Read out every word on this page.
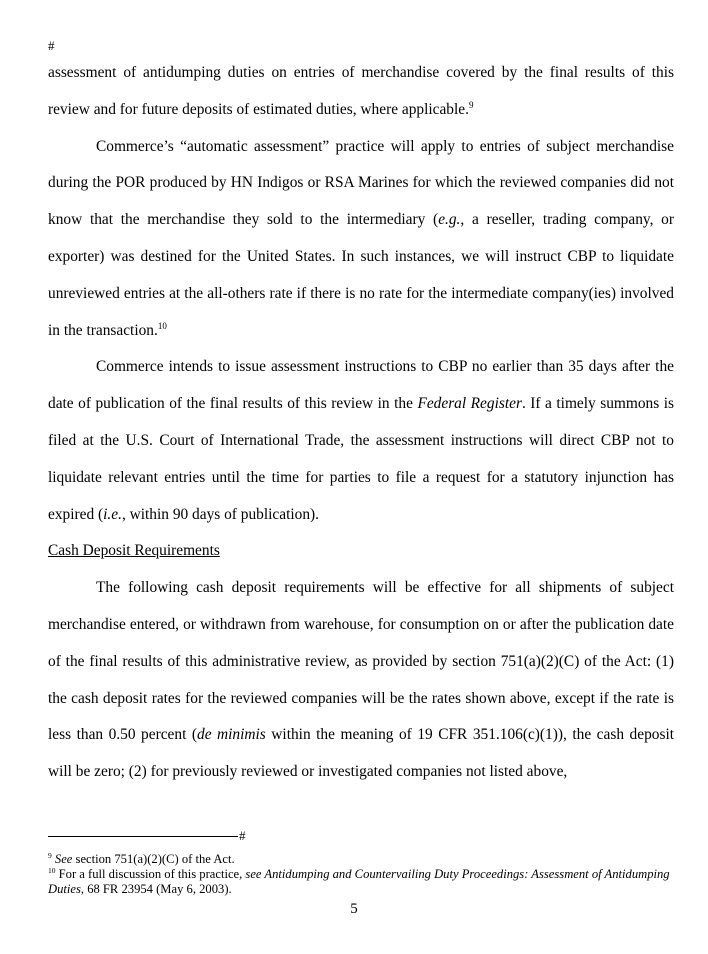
#

assessment of antidumping duties on entries of merchandise covered by the final results of this review and for future deposits of estimated duties, where applicable.$^9$

Commerce’s “automatic assessment” practice will apply to entries of subject merchandise during the POR produced by HN Indigos or RSA Marines for which the reviewed companies did not know that the merchandise they sold to the intermediary (e.g., a reseller, trading company, or exporter) was destined for the United States. In such instances, we will instruct CBP to liquidate unreviewed entries at the all-others rate if there is no rate for the intermediate company(ies) involved in the transaction.$^{10}$

Commerce intends to issue assessment instructions to CBP no earlier than 35 days after the date of publication of the final results of this review in the Federal Register. If a timely summons is filed at the U.S. Court of International Trade, the assessment instructions will direct CBP not to liquidate relevant entries until the time for parties to file a request for a statutory injunction has expired (i.e., within 90 days of publication).

Cash Deposit Requirements

The following cash deposit requirements will be effective for all shipments of subject merchandise entered, or withdrawn from warehouse, for consumption on or after the publication date of the final results of this administrative review, as provided by section 751(a)(2)(C) of the Act: (1) the cash deposit rates for the reviewed companies will be the rates shown above, except if the rate is less than 0.50 percent (de minimis within the meaning of 19 CFR 351.106(c)(1)), the cash deposit will be zero; (2) for previously reviewed or investigated companies not listed above,

#

$^9$ See section 751(a)(2)(C) of the Act.

$^{10}$ For a full discussion of this practice, see Antidumping and Countervailing Duty Proceedings: Assessment of Antidumping Duties, 68 FR 23954 (May 6, 2003).

5
